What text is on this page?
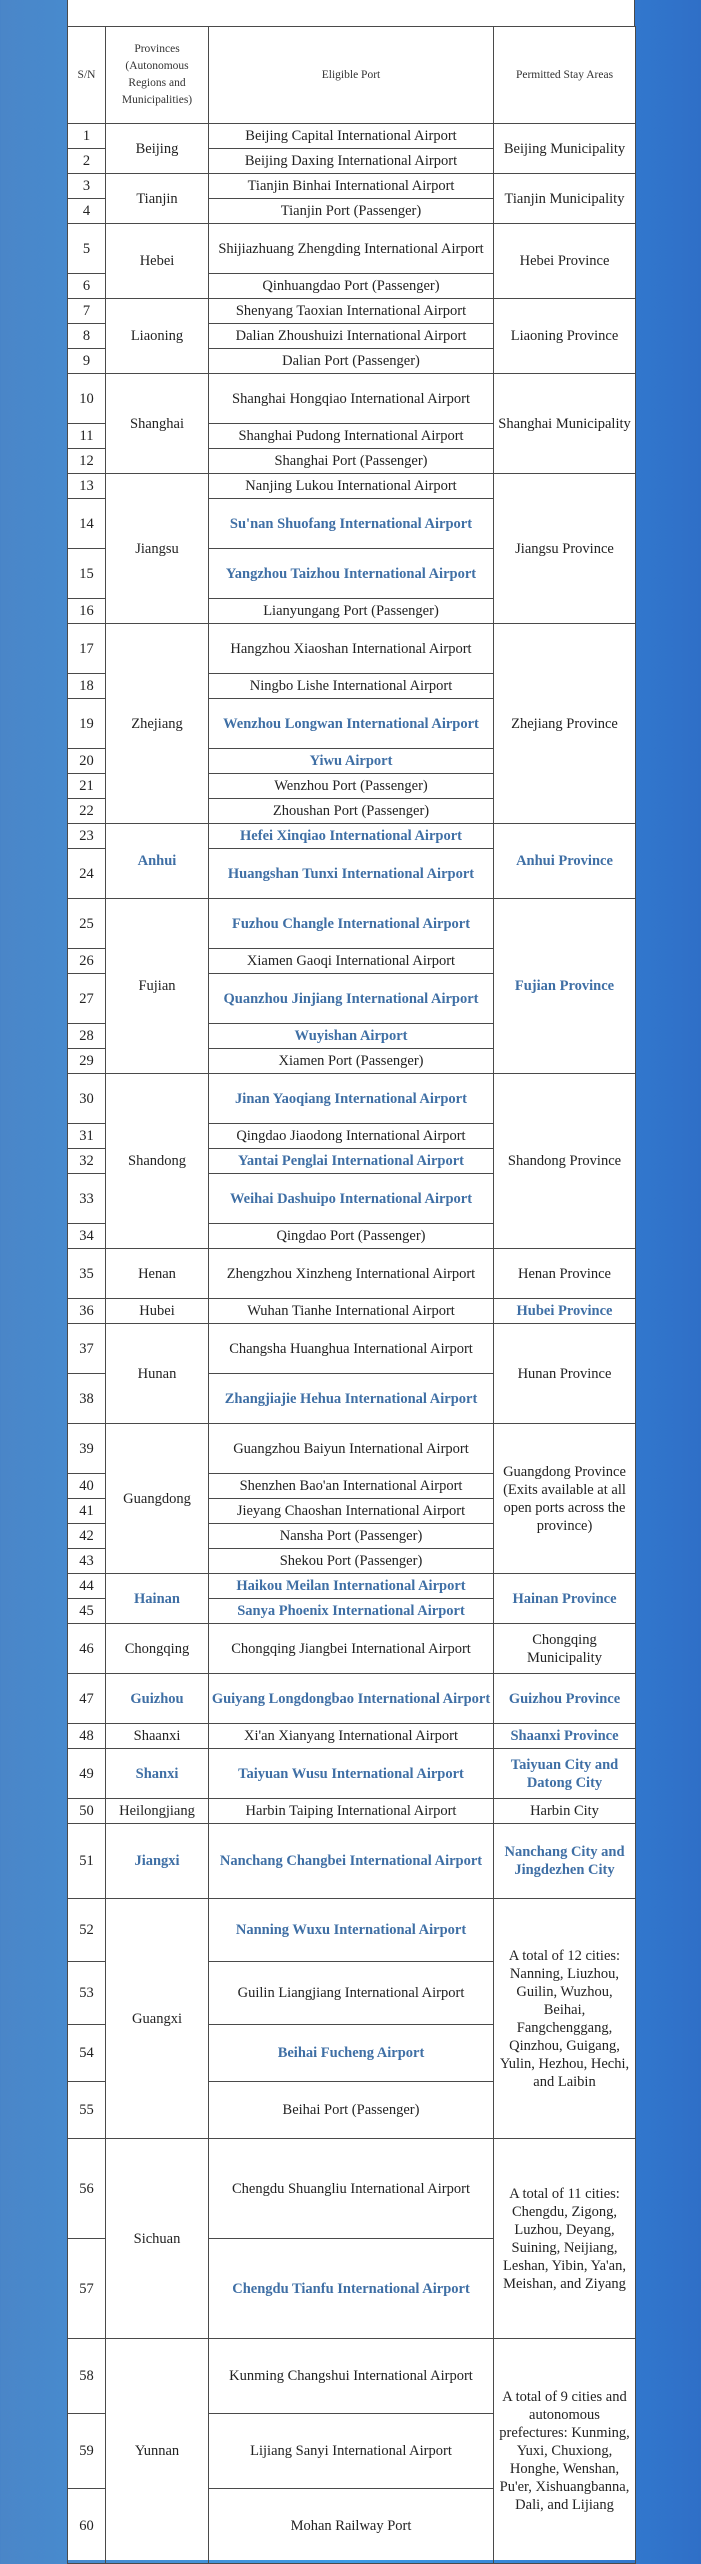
S/N	Provinces (Autonomous Regions and Municipalities)	Eligible Port	Permitted Stay Areas
1	Beijing	Beijing Capital International Airport	Beijing Municipality
2		Beijing Daxing International Airport	
3	Tianjin	Tianjin Binhai International Airport	Tianjin Municipality
4		Tianjin Port (Passenger)	
5	Hebei	Shijiazhuang Zhengding International Airport	Hebei Province
6		Qinhuangdao Port (Passenger)	
7	Liaoning	Shenyang Taoxian International Airport	Liaoning Province
8		Dalian Zhoushuizi International Airport	
9		Dalian Port (Passenger)	
10	Shanghai	Shanghai Hongqiao International Airport	Shanghai Municipality
11		Shanghai Pudong International Airport	
12		Shanghai Port (Passenger)	
13	Jiangsu	Nanjing Lukou International Airport	Jiangsu Province
14		Su'nan Shuofang International Airport	
15		Yangzhou Taizhou International Airport	
16		Lianyungang Port (Passenger)	
17	Zhejiang	Hangzhou Xiaoshan International Airport	Zhejiang Province
18		Ningbo Lishe International Airport	
19		Wenzhou Longwan International Airport	
20		Yiwu Airport	
21		Wenzhou Port (Passenger)	
22		Zhoushan Port (Passenger)	
23	Anhui	Hefei Xinqiao International Airport	Anhui Province
24		Huangshan Tunxi International Airport	
25	Fujian	Fuzhou Changle International Airport	Fujian Province
26		Xiamen Gaoqi International Airport	
27		Quanzhou Jinjiang International Airport	
28		Wuyishan Airport	
29		Xiamen Port (Passenger)	
30	Shandong	Jinan Yaoqiang International Airport	Shandong Province
31		Qingdao Jiaodong International Airport	
32		Yantai Penglai International Airport	
33		Weihai Dashuipo International Airport	
34		Qingdao Port (Passenger)	
35	Henan	Zhengzhou Xinzheng International Airport	Henan Province
36	Hubei	Wuhan Tianhe International Airport	Hubei Province
37	Hunan	Changsha Huanghua International Airport	Hunan Province
38		Zhangjiajie Hehua International Airport	
39	Guangdong	Guangzhou Baiyun International Airport	Guangdong Province (Exits available at all open ports across the province)
40		Shenzhen Bao'an International Airport	
41		Jieyang Chaoshan International Airport	
42		Nansha Port (Passenger)	
43		Shekou Port (Passenger)	
44	Hainan	Haikou Meilan International Airport	Hainan Province
45		Sanya Phoenix International Airport	
46	Chongqing	Chongqing Jiangbei International Airport	Chongqing Municipality
47	Guizhou	Guiyang Longdongbao International Airport	Guizhou Province
48	Shaanxi	Xi'an Xianyang International Airport	Shaanxi Province
49	Shanxi	Taiyuan Wusu International Airport	Taiyuan City and Datong City
50	Heilongjiang	Harbin Taiping International Airport	Harbin City
51	Jiangxi	Nanchang Changbei International Airport	Nanchang City and Jingdezhen City
52	Guangxi	Nanning Wuxu International Airport	A total of 12 cities: Nanning, Liuzhou, Guilin, Wuzhou, Beihai, Fangchenggang, Qinzhou, Guigang, Yulin, Hezhou, Hechi, and Laibin
53		Guilin Liangjiang International Airport	
54		Beihai Fucheng Airport	
55		Beihai Port (Passenger)	
56	Sichuan	Chengdu Shuangliu International Airport	A total of 11 cities: Chengdu, Zigong, Luzhou, Deyang, Suining, Neijiang, Leshan, Yibin, Ya'an, Meishan, and Ziyang
57		Chengdu Tianfu International Airport	
58	Yunnan	Kunming Changshui International Airport	A total of 9 cities and autonomous prefectures: Kunming, Yuxi, Chuxiong, Honghe, Wenshan, Pu'er, Xishuangbanna, Dali, and Lijiang
59		Lijiang Sanyi International Airport	
60		Mohan Railway Port	
